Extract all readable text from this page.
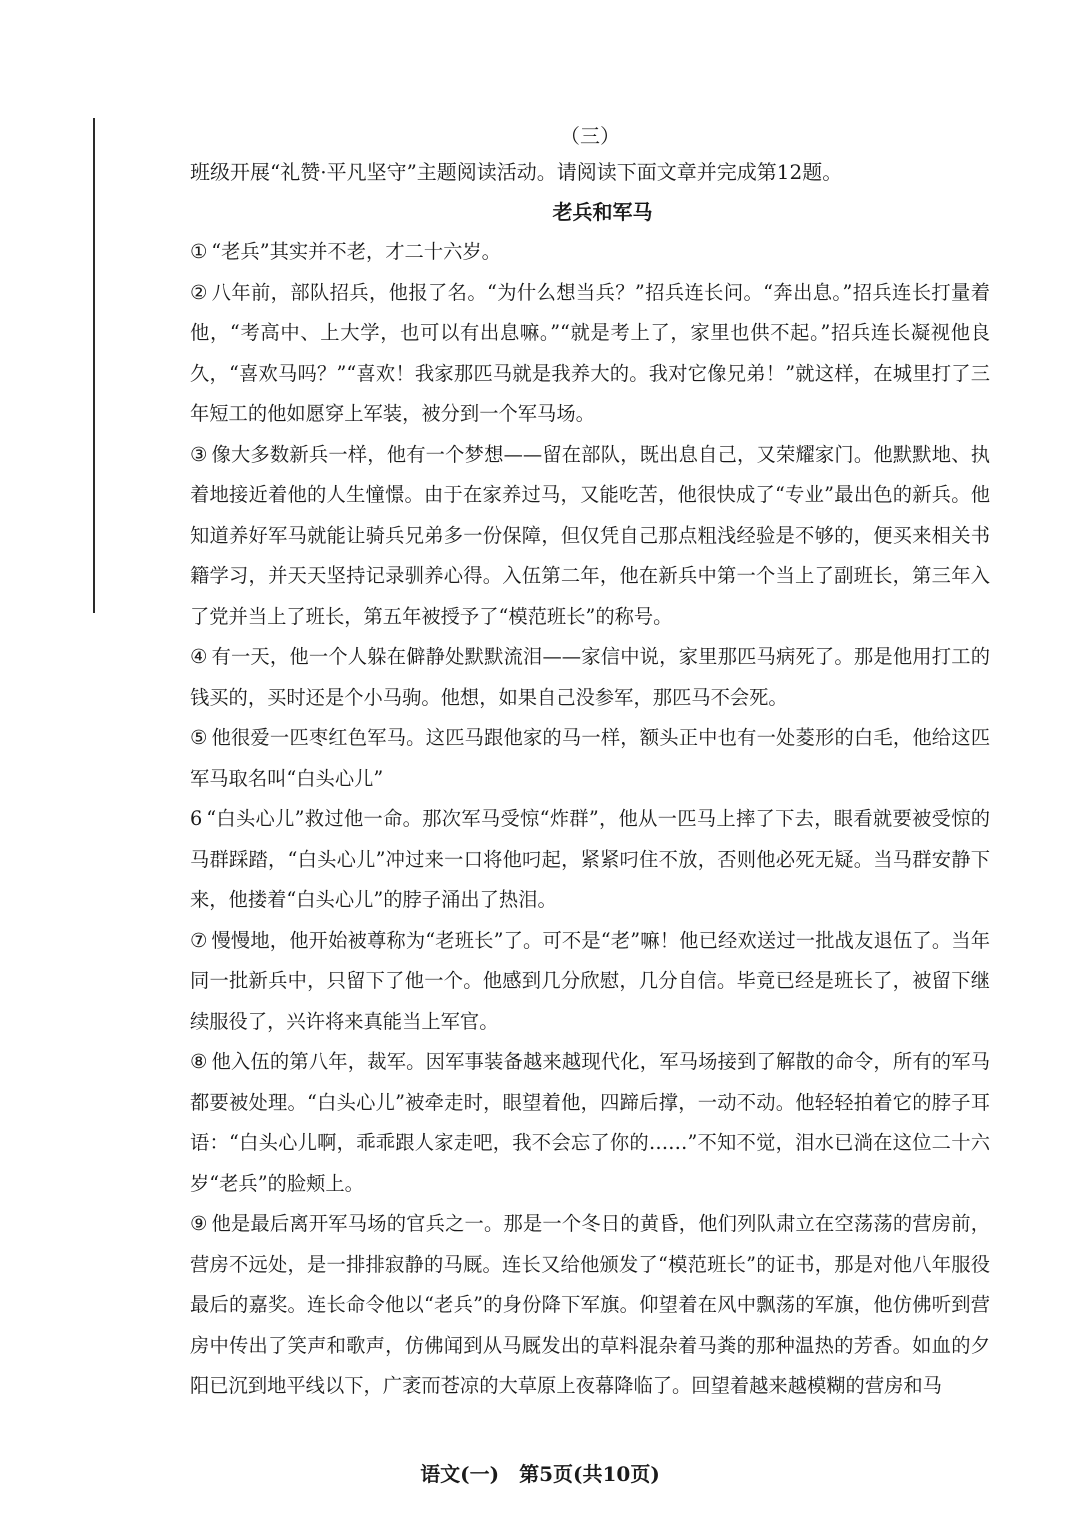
（三）

班级开展“礼赞·平凡坚守”主题阅读活动。请阅读下面文章并完成第12题。

老兵和军马

① “老兵”其实并不老，才二十六岁。

② 八年前，部队招兵，他报了名。“为什么想当兵？”招兵连长问。“奔出息。”招兵连长打量着他，“考高中、上大学，也可以有出息嘛。”“就是考上了，家里也供不起。”招兵连长凝视他良久，“喜欢马吗？”“喜欢！我家那匹马就是我养大的。我对它像兄弟！”就这样，在城里打了三年短工的他如愿穿上军装，被分到一个军马场。

③ 像大多数新兵一样，他有一个梦想——留在部队，既出息自己，又荣耀家门。他默默地、执着地接近着他的人生憧憬。由于在家养过马，又能吃苦，他很快成了“专业”最出色的新兵。他知道养好军马就能让骑兵兄弟多一份保障，但仅凭自己那点粗浅经验是不够的，便买来相关书籍学习，并天天坚持记录驯养心得。入伍第二年，他在新兵中第一个当上了副班长，第三年入了党并当上了班长，第五年被授予了“模范班长”的称号。

④ 有一天，他一个人躲在僻静处默默流泪——家信中说，家里那匹马病死了。那是他用打工的钱买的，买时还是个小马驹。他想，如果自己没参军，那匹马不会死。

⑤ 他很爱一匹枣红色军马。这匹马跟他家的马一样，额头正中也有一处菱形的白毛，他给这匹军马取名叫“白头心儿”

6 “白头心儿”救过他一命。那次军马受惊“炸群”，他从一匹马上摔了下去，眼看就要被受惊的马群踩踏，“白头心儿”冲过来一口将他叼起，紧紧叼住不放，否则他必死无疑。当马群安静下来，他搂着“白头心儿”的脖子涌出了热泪。

⑦ 慢慢地，他开始被尊称为“老班长”了。可不是“老”嘛！他已经欢送过一批战友退伍了。当年同一批新兵中，只留下了他一个。他感到几分欣慰，几分自信。毕竟已经是班长了，被留下继续服役了，兴许将来真能当上军官。

⑧ 他入伍的第八年，裁军。因军事装备越来越现代化，军马场接到了解散的命令，所有的军马都要被处理。“白头心儿”被牵走时，眼望着他，四蹄后撑，一动不动。他轻轻拍着它的脖子耳语：“白头心儿啊，乖乖跟人家走吧，我不会忘了你的……”不知不觉，泪水已淌在这位二十六岁“老兵”的脸颊上。

⑨ 他是最后离开军马场的官兵之一。那是一个冬日的黄昏，他们列队肃立在空荡荡的营房前，营房不远处，是一排排寂静的马厩。连长又给他颁发了“模范班长”的证书，那是对他八年服役最后的嘉奖。连长命令他以“老兵”的身份降下军旗。仰望着在风中飘荡的军旗，他仿佛听到营房中传出了笑声和歌声，仿佛闻到从马厩发出的草料混杂着马粪的那种温热的芳香。如血的夕阳已沉到地平线以下，广袤而苍凉的大草原上夜幕降临了。回望着越来越模糊的营房和马

语文(一)　第5页(共10页)
